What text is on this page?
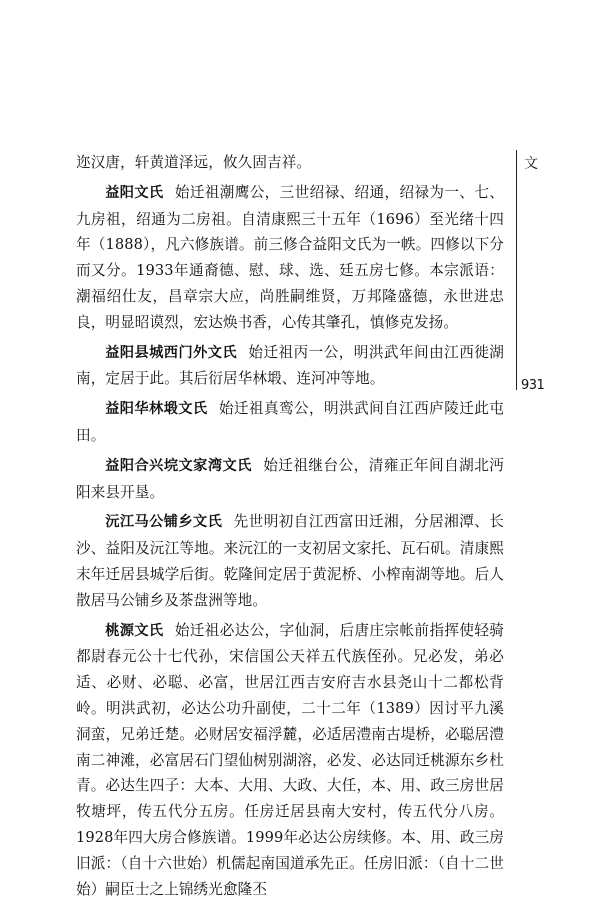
迩汉唐，轩黄道泽远，攸久固吉祥。

益阳文氏 始迁祖潮鹰公，三世绍禄、绍通，绍禄为一、七、九房祖，绍通为二房祖。自清康熙三十五年（1696）至光绪十四年（1888），凡六修族谱。前三修合益阳文氏为一帙。四修以下分而又分。1933年通裔德、慰、球、选、廷五房七修。本宗派语：潮福绍仕友，昌章宗大应，尚胜嗣维贤，万邦隆盛德，永世进忠良，明显昭谟烈，宏达焕书香，心传其肇孔，慎修克发扬。

益阳县城西门外文氏 始迁祖丙一公，明洪武年间由江西徙湖南，定居于此。其后衍居华林塅、连河冲等地。

益阳华林塅文氏 始迁祖真鸾公，明洪武间自江西庐陵迁此屯田。

益阳合兴垸文家湾文氏 始迁祖继台公，清雍正年间自湖北沔阳来县开垦。

沅江马公铺乡文氏 先世明初自江西富田迁湘，分居湘潭、长沙、益阳及沅江等地。来沅江的一支初居文家托、瓦石矶。清康熙末年迁居县城学后街。乾隆间定居于黄泥桥、小榨南湖等地。后人散居马公铺乡及茶盘洲等地。

桃源文氏 始迁祖必达公，字仙洞，后唐庄宗帐前指挥使轻骑都尉春元公十七代孙，宋信国公天祥五代族侄孙。兄必发，弟必适、必财、必聪、必富，世居江西吉安府吉水县尧山十二都松背岭。明洪武初，必达公功升副使，二十二年（1389）因讨平九溪洞蛮，兄弟迁楚。必财居安福浮麓，必适居澧南古堤桥，必聪居澧南二神滩，必富居石门望仙树别湖溶，必发、必达同迁桃源东乡杜青。必达生四子：大本、大用、大政、大任，本、用、政三房世居牧塘坪，传五代分五房。任房迁居县南大安村，传五代分八房。1928年四大房合修族谱。1999年必达公房续修。本、用、政三房旧派：（自十六世始）机儒起南国道承先正。任房旧派：（自十二世始）嗣臣士之上锦绣光愈隆丕

文
931
